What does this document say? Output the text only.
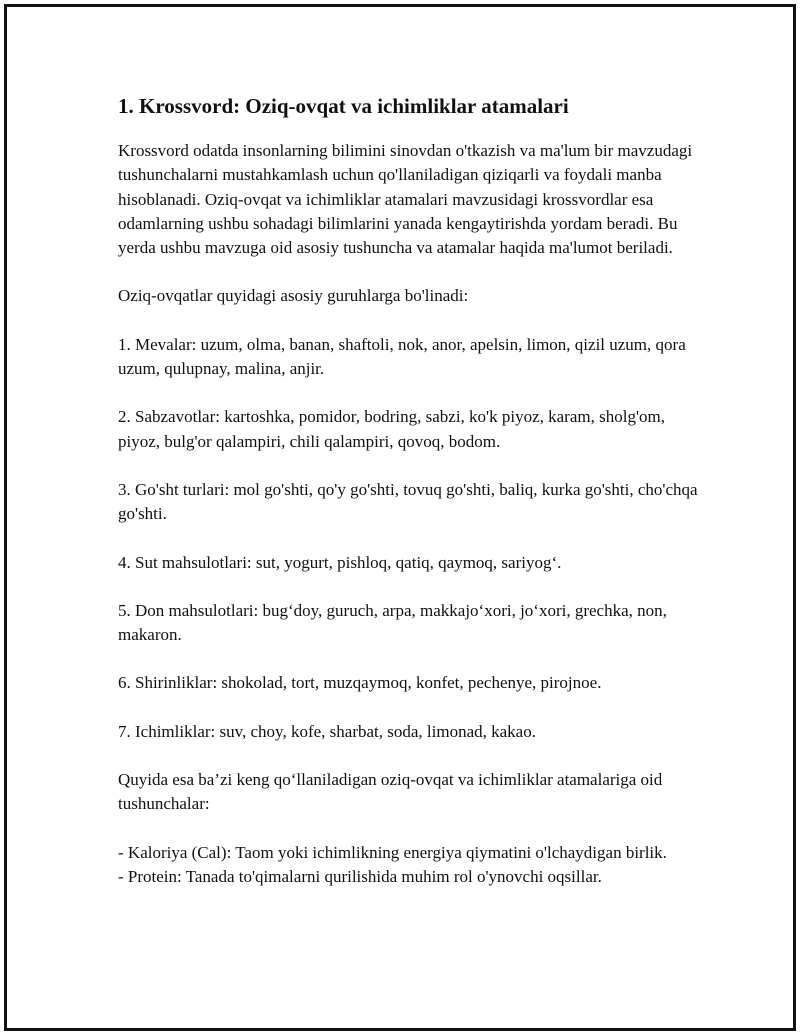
1. Krossvord: Oziq-ovqat va ichimliklar atamalari

Krossvord odatda insonlarning bilimini sinovdan o'tkazish va ma'lum bir mavzudagi tushunchalarni mustahkamlash uchun qo'llaniladigan qiziqarli va foydali manba hisoblanadi. Oziq-ovqat va ichimliklar atamalari mavzusidagi krossvordlar esa odamlarning ushbu sohadagi bilimlarini yanada kengaytirishda yordam beradi. Bu yerda ushbu mavzuga oid asosiy tushuncha va atamalar haqida ma'lumot beriladi.

Oziq-ovqatlar quyidagi asosiy guruhlarga bo'linadi:

1. Mevalar: uzum, olma, banan, shaftoli, nok, anor, apelsin, limon, qizil uzum, qora uzum, qulupnay, malina, anjir.

2. Sabzavotlar: kartoshka, pomidor, bodring, sabzi, ko'k piyoz, karam, sholg'om, piyoz, bulg'or qalampiri, chili qalampiri, qovoq, bodom.

3. Go'sht turlari: mol go'shti, qo'y go'shti, tovuq go'shti, baliq, kurka go'shti, cho'chqa go'shti.

4. Sut mahsulotlari: sut, yogurt, pishloq, qatiq, qaymoq, sariyog‘.

5. Don mahsulotlari: bug‘doy, guruch, arpa, makkajo‘xori, jo‘xori, grechka, non, makaron.

6. Shirinliklar: shokolad, tort, muzqaymoq, konfet, pechenye, pirojnoe.

7. Ichimliklar: suv, choy, kofe, sharbat, soda, limonad, kakao.

Quyida esa ba’zi keng qo‘llaniladigan oziq-ovqat va ichimliklar atamalariga oid tushunchalar:

- Kaloriya (Cal): Taom yoki ichimlikning energiya qiymatini o'lchaydigan birlik.

- Protein: Tanada to'qimalarni qurilishida muhim rol o'ynovchi oqsillar.
